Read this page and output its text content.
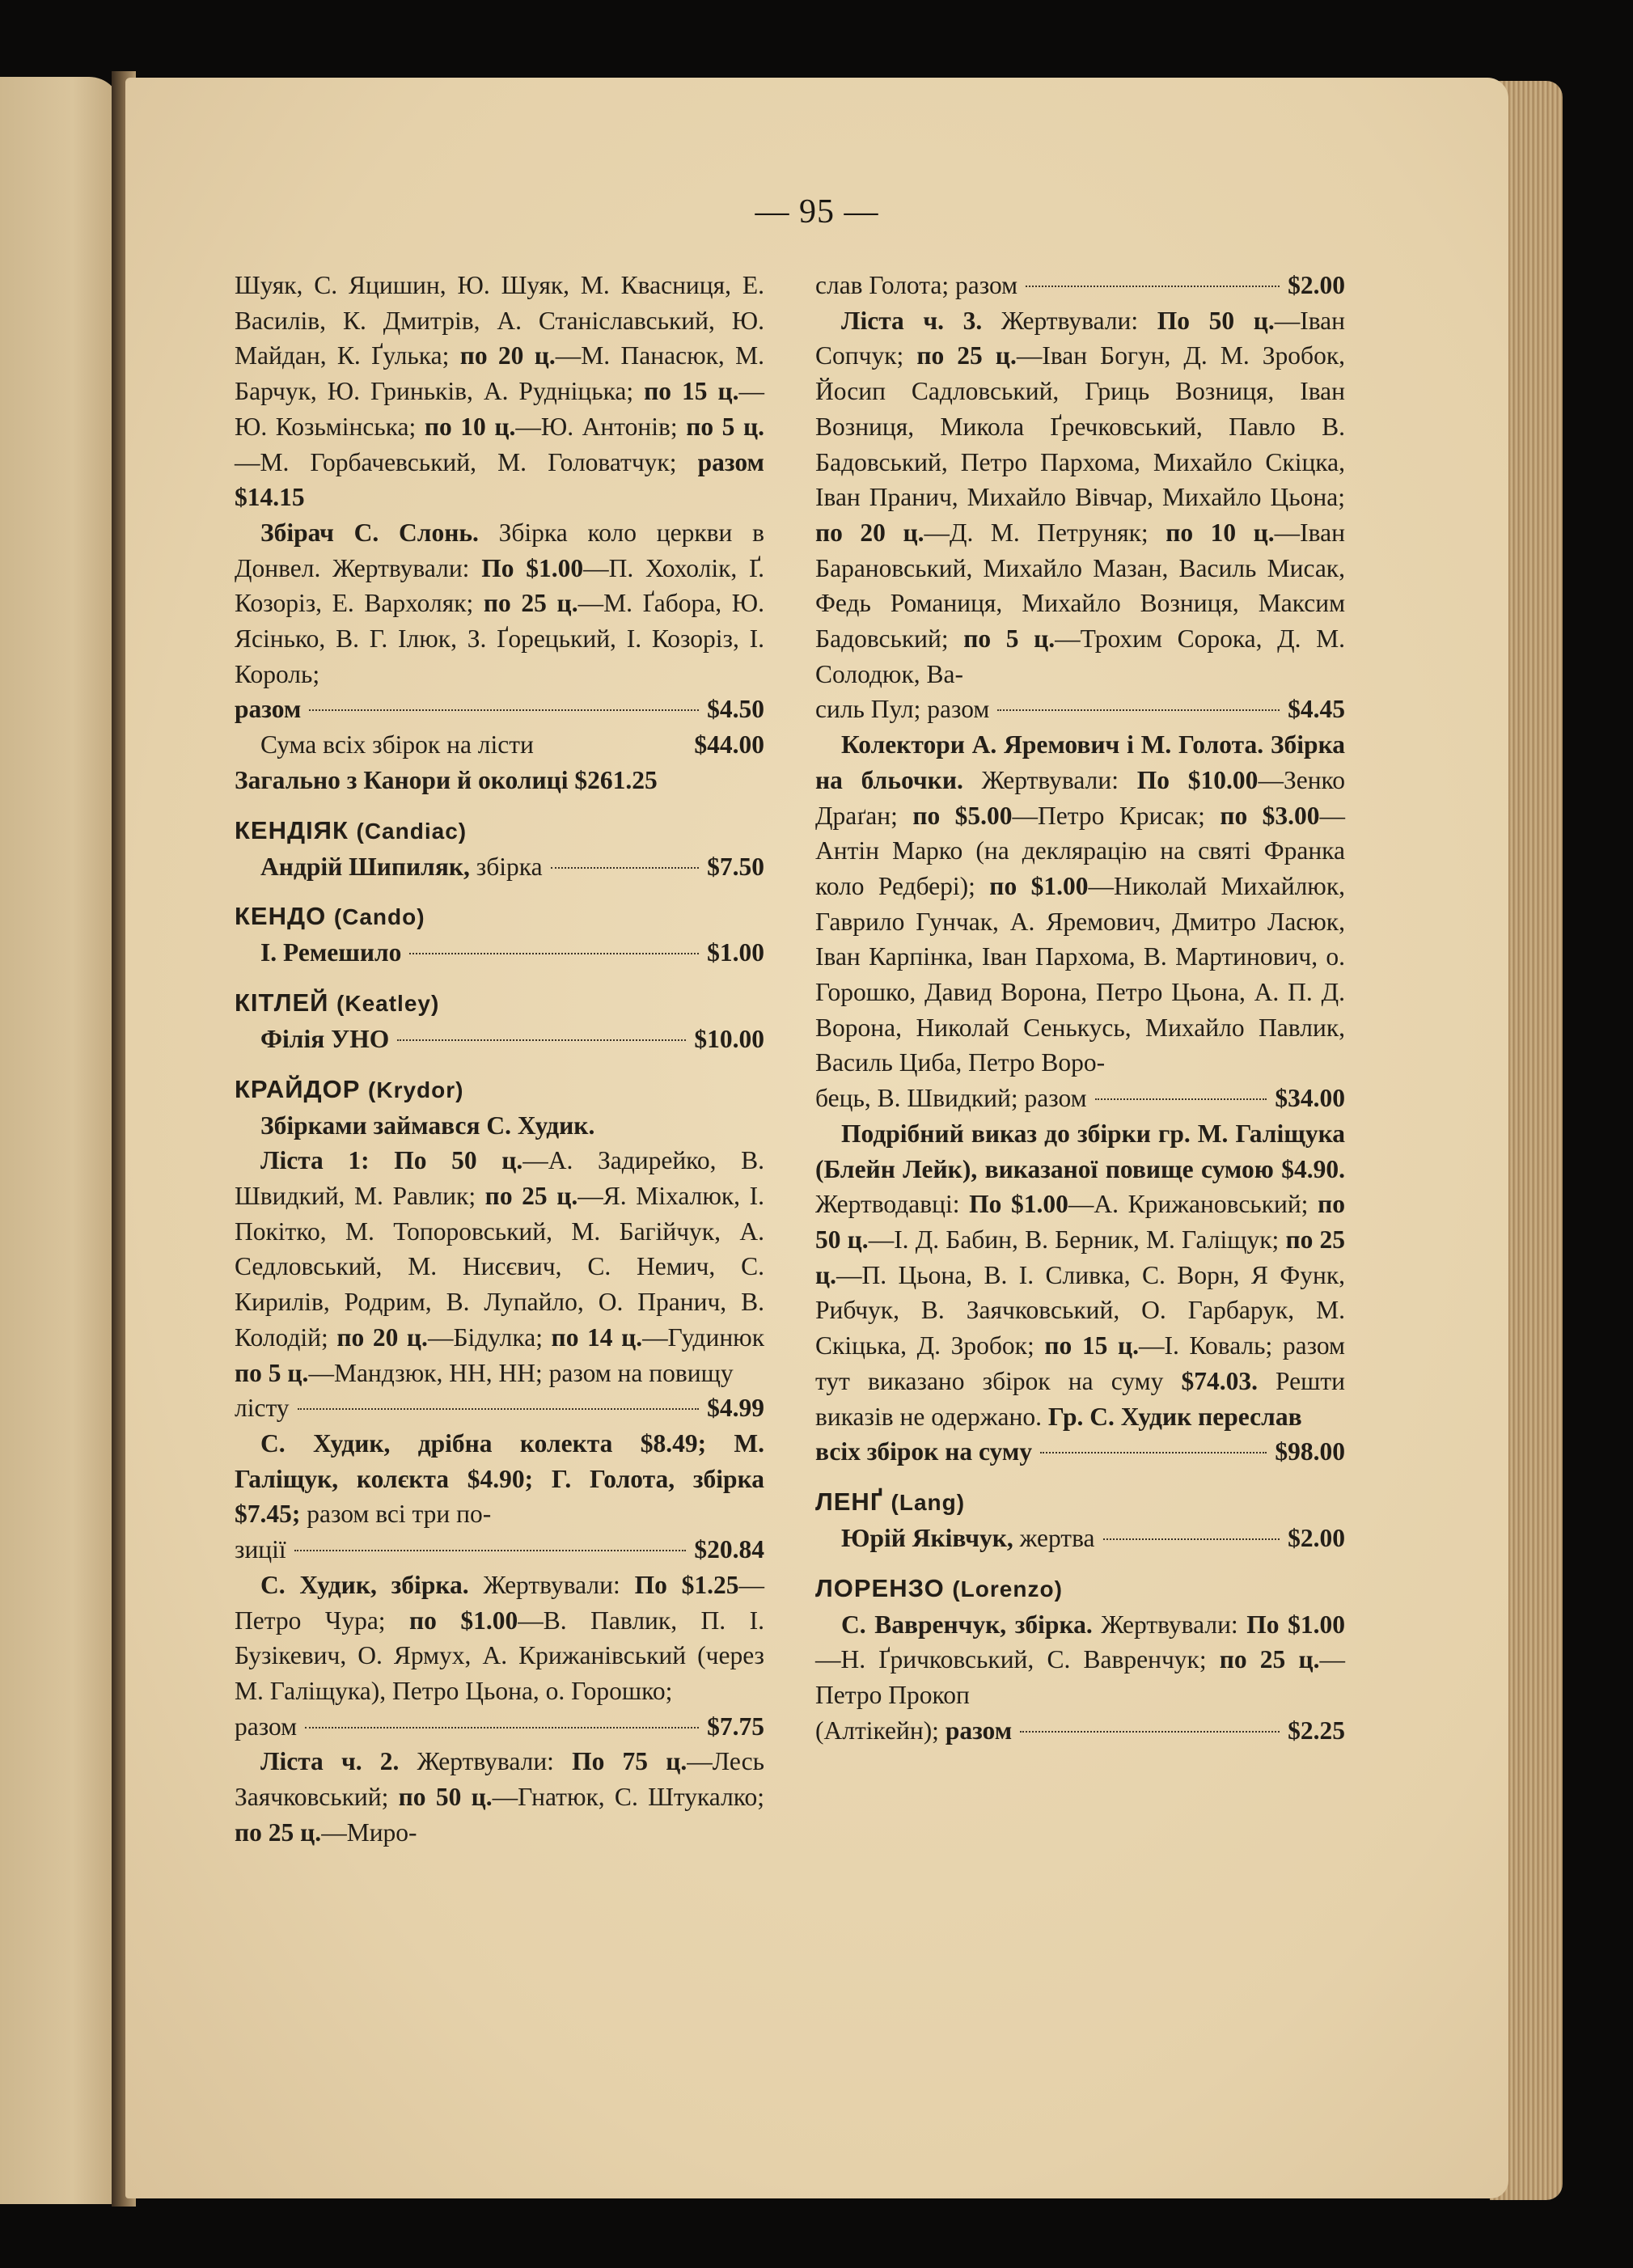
— 95 —

Шуяк, С. Яцишин, Ю. Шуяк, М. Квасниця, Е. Василів, К. Дмитрів, А. Станіславський, Ю. Майдан, К. Ґулька; по 20 ц.—М. Панасюк, М. Барчук, Ю. Гриньків, А. Рудніцька; по 15 ц.—Ю. Козьмінська; по 10 ц.—Ю. Антонів; по 5 ц.—М. Горбачевський, М. Головатчук; разом $14.15

Збірач С. Слонь. Збірка коло церкви в Донвел. Жертвували: По $1.00—П. Хохолік, Ґ. Козоріз, Е. Вархоляк; по 25 ц.—М. Ґабора, Ю. Ясінько, В. Г. Ілюк, З. Ґорецький, І. Козоріз, І. Король;

разом	$4.50
Сума всіх збірок на лісти	$44.00

Загально з Канори й околиці $261.25

КЕНДІЯК (Candiac)
Андрій Шипиляк, збірка	$7.50
КЕНДО (Cando)
І. Ремешило	$1.00
КІТЛЕЙ (Keatley)
Філія УНО	$10.00
КРАЙДОР (Krydor)

Збірками займався С. Худик.

Ліста 1: По 50 ц.—А. Задирейко, В. Швидкий, М. Равлик; по 25 ц.—Я. Міхалюк, І. Покітко, М. Топоровський, М. Багійчук, А. Седловський, М. Нисєвич, С. Немич, С. Кирилів, Родрим, В. Лупайло, О. Пранич, В. Колодій; по 20 ц.—Бідулка; по 14 ц.—Гудинюк по 5 ц.—Мандзюк, НН, НН; разом на повищу

лісту	$4.99

С. Худик, дрібна колекта $8.49; М. Галіщук, колєкта $4.90; Г. Голота, збірка $7.45; разом всі три по-

зиції	$20.84

С. Худик, збірка. Жертвували: По $1.25—Петро Чура; по $1.00—В. Павлик, П. І. Бузікевич, О. Ярмух, А. Крижанівський (через М. Галіщука), Петро Цьона, о. Горошко;

разом	$7.75

Ліста ч. 2. Жертвували: По 75 ц.—Лесь Заячковський; по 50 ц.—Гнатюк, С. Штукалко; по 25 ц.—Миро-

слав Голота; разом	$2.00

Ліста ч. 3. Жертвували: По 50 ц.—Іван Сопчук; по 25 ц.—Іван Богун, Д. М. Зробок, Йосип Садловський, Гриць Возниця, Іван Возниця, Микола Ґречковський, Павло В. Бадовський, Петро Пархома, Михайло Скіцка, Іван Пранич, Михайло Вівчар, Михайло Цьона; по 20 ц.—Д. М. Петруняк; по 10 ц.—Іван Барановський, Михайло Мазан, Василь Мисак, Федь Романиця, Михайло Возниця, Максим Бадовський; по 5 ц.—Трохим Сорока, Д. М. Солодюк, Ва-

силь Пул; разом	$4.45

Колектори А. Яремович і М. Голота. Збірка на бльочки. Жертвували: По $10.00—Зенко Драґан; по $5.00—Петро Крисак; по $3.00—Антін Марко (на деклярацію на святі Франка коло Редбері); по $1.00—Николай Михайлюк, Гаврило Гунчак, А. Яремович, Дмитро Ласюк, Іван Карпінка, Іван Пархома, В. Мартинович, о. Горошко, Давид Ворона, Петро Цьона, А. П. Д. Ворона, Николай Сенькусь, Михайло Павлик, Василь Циба, Петро Воро-

бець, В. Швидкий; разом	$34.00

Подрібний виказ до збірки гр. М. Галіщука (Блейн Лейк), виказаної повище сумою $4.90. Жертводавці: По $1.00—А. Крижановський; по 50 ц.—І. Д. Бабин, В. Берник, М. Галіщук; по 25 ц.—П. Цьона, В. І. Сливка, С. Ворн, Я Функ, Рибчук, В. Заячковський, О. Гарбарук, М. Скіцька, Д. Зробок; по 15 ц.—І. Коваль; разом тут виказано збірок на суму $74.03. Решти виказів не одержано. Гр. С. Худик переслав

всіх збірок на суму	$98.00
ЛЕНҐ (Lang)
Юрій Яківчук, жертва	$2.00
ЛОРЕНЗО (Lorenzo)

С. Вавренчук, збірка. Жертвували: По $1.00—Н. Ґричковський, С. Вавренчук; по 25 ц.—Петро Прокоп

(Алтікейн); разом	$2.25
